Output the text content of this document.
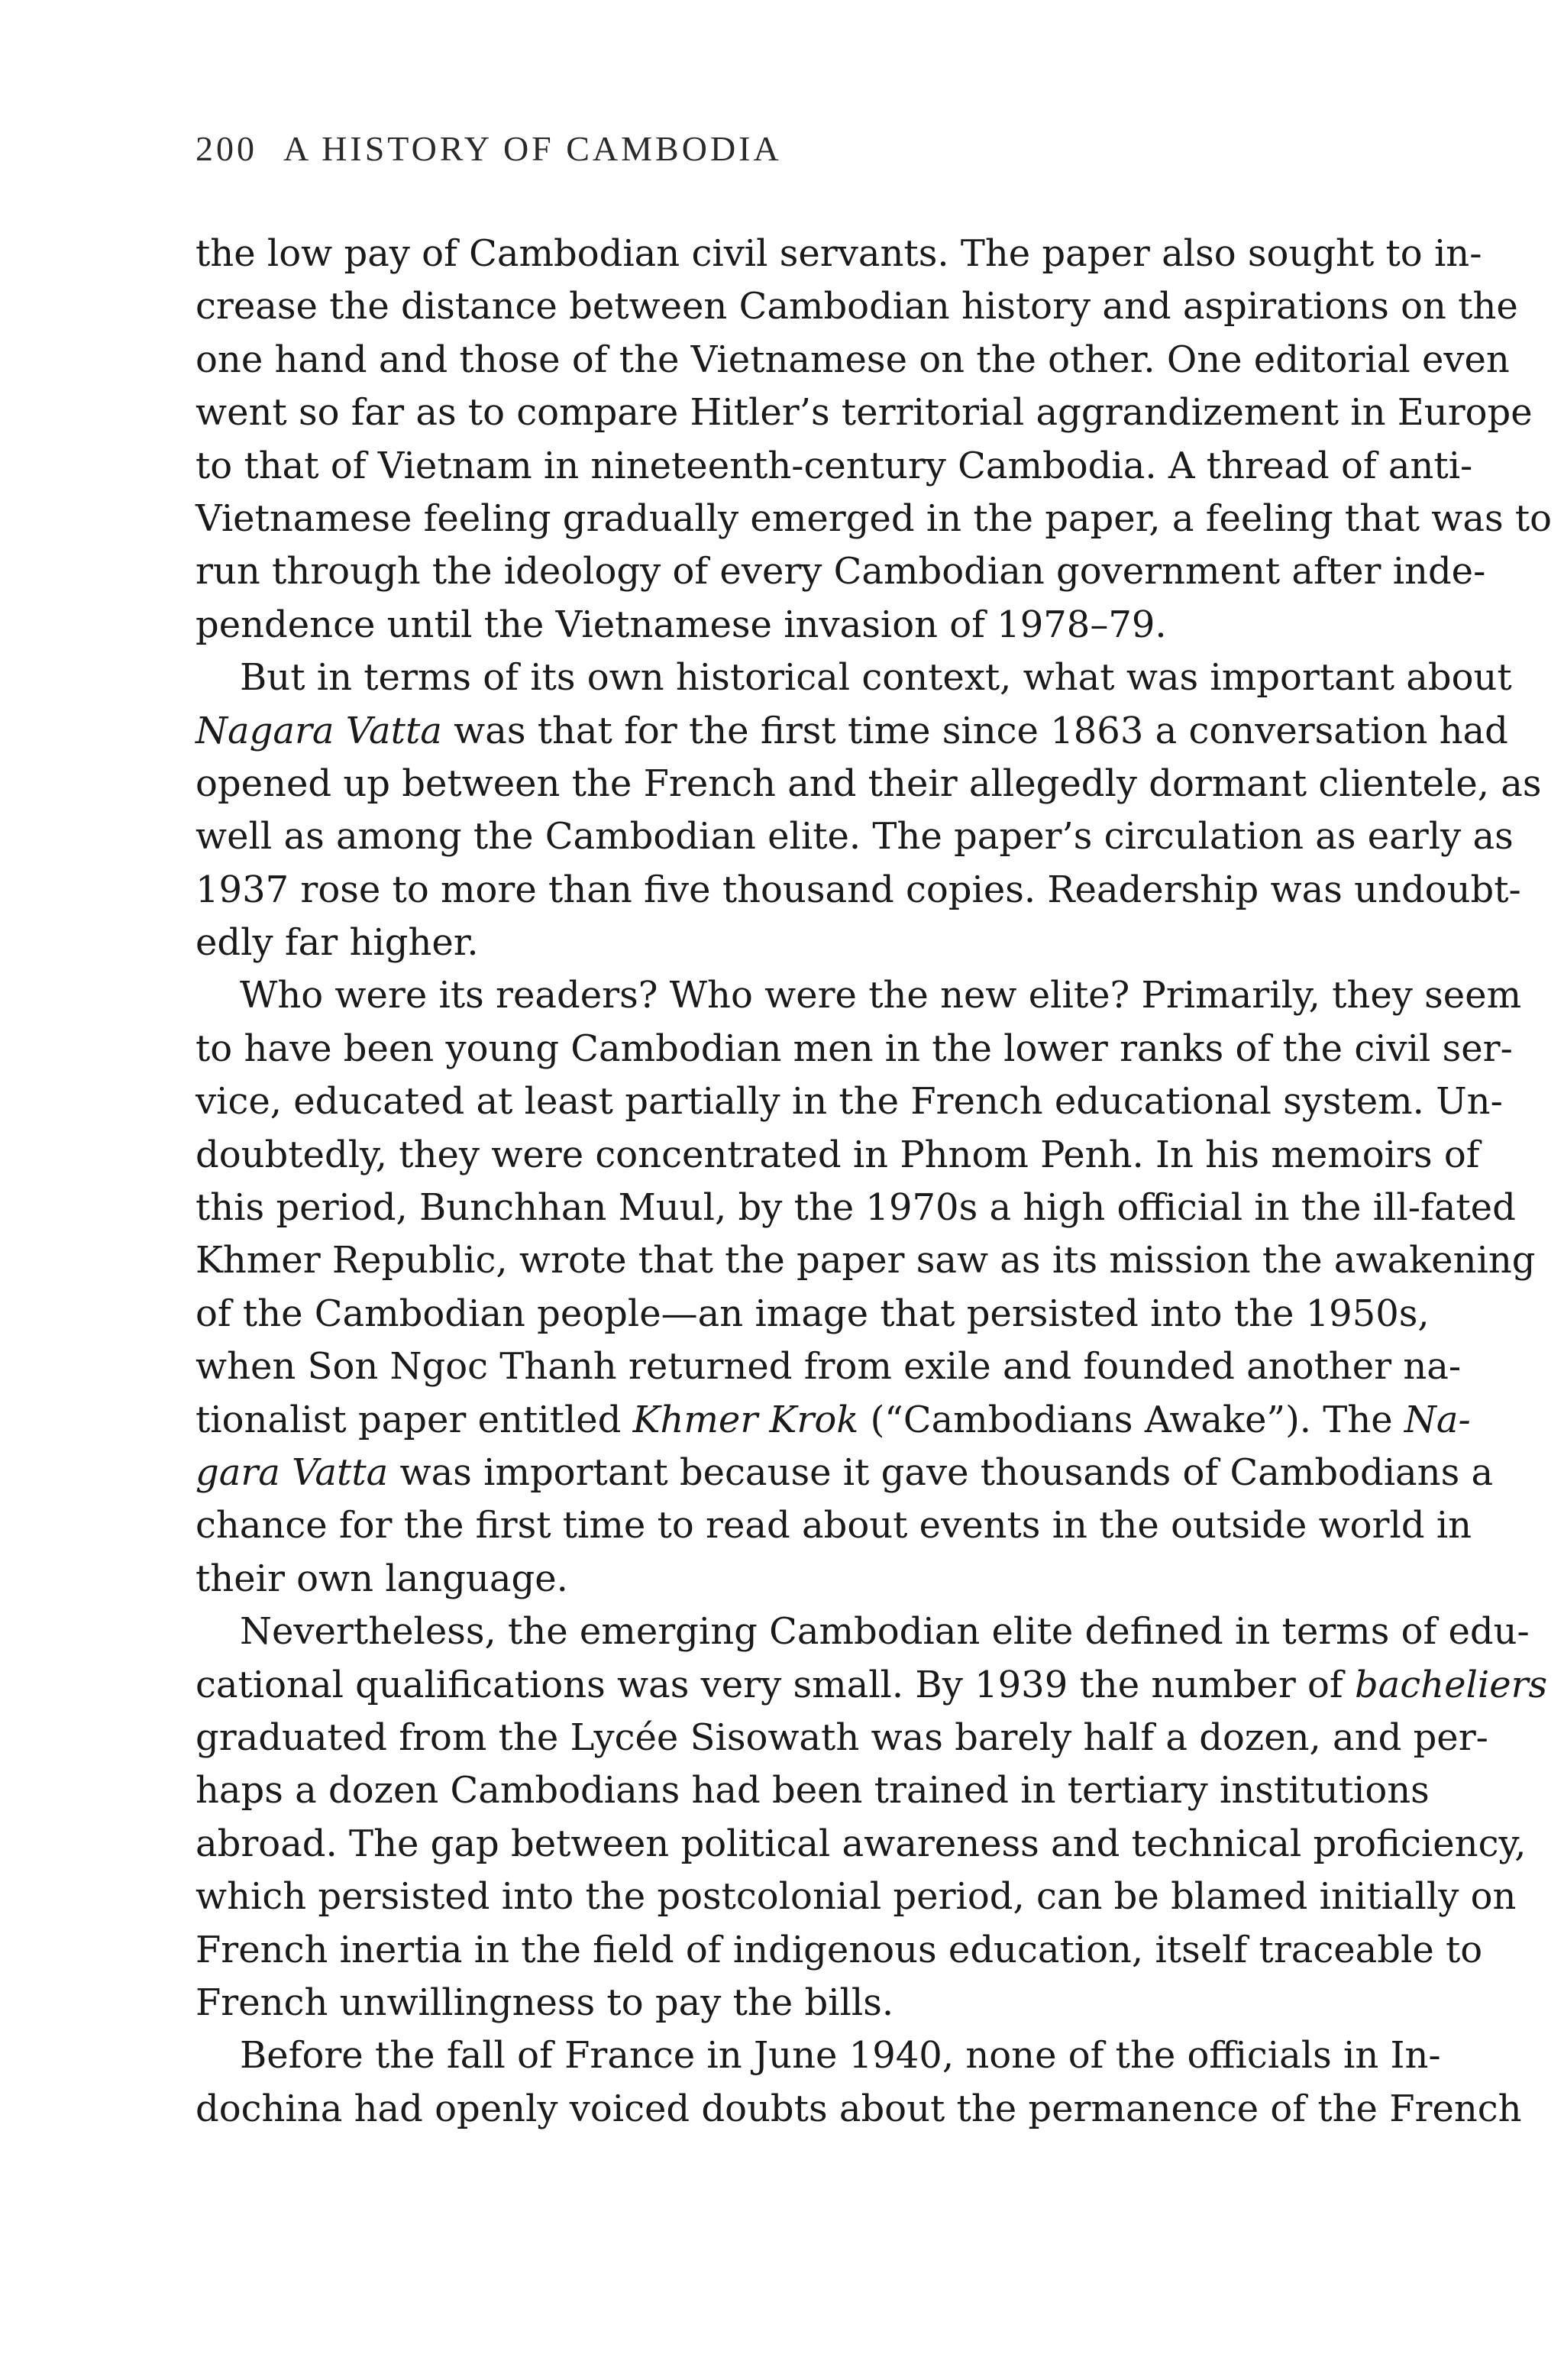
200 A HISTORY OF CAMBODIA
the low pay of Cambodian civil servants. The paper also sought to in-
crease the distance between Cambodian history and aspirations on the
one hand and those of the Vietnamese on the other. One editorial even
went so far as to compare Hitler’s territorial aggrandizement in Europe
to that of Vietnam in nineteenth-century Cambodia. A thread of anti-
Vietnamese feeling gradually emerged in the paper, a feeling that was to
run through the ideology of every Cambodian government after inde-
pendence until the Vietnamese invasion of 1978–79.
But in terms of its own historical context, what was important about
Nagara Vatta was that for the first time since 1863 a conversation had
opened up between the French and their allegedly dormant clientele, as
well as among the Cambodian elite. The paper’s circulation as early as
1937 rose to more than five thousand copies. Readership was undoubt-
edly far higher.
Who were its readers? Who were the new elite? Primarily, they seem
to have been young Cambodian men in the lower ranks of the civil ser-
vice, educated at least partially in the French educational system. Un-
doubtedly, they were concentrated in Phnom Penh. In his memoirs of
this period, Bunchhan Muul, by the 1970s a high official in the ill-fated
Khmer Republic, wrote that the paper saw as its mission the awakening
of the Cambodian people—an image that persisted into the 1950s,
when Son Ngoc Thanh returned from exile and founded another na-
tionalist paper entitled Khmer Krok (“Cambodians Awake”). The Na-
gara Vatta was important because it gave thousands of Cambodians a
chance for the first time to read about events in the outside world in
their own language.
Nevertheless, the emerging Cambodian elite defined in terms of edu-
cational qualifications was very small. By 1939 the number of bacheliers
graduated from the Lycée Sisowath was barely half a dozen, and per-
haps a dozen Cambodians had been trained in tertiary institutions
abroad. The gap between political awareness and technical proficiency,
which persisted into the postcolonial period, can be blamed initially on
French inertia in the field of indigenous education, itself traceable to
French unwillingness to pay the bills.
Before the fall of France in June 1940, none of the officials in In-
dochina had openly voiced doubts about the permanence of the French
